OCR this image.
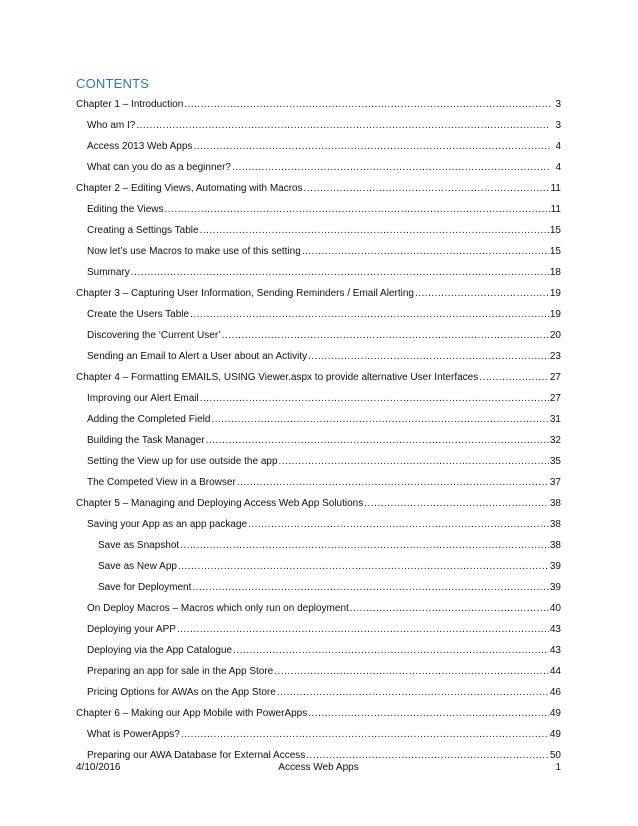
CONTENTS
Chapter 1 – Introduction .....	3
Who am I? .....	3
Access 2013 Web Apps .....	4
What can you do as a beginner? .....	4
Chapter 2 – Editing Views, Automating with Macros .....	11
Editing the Views .....	11
Creating a Settings Table .....	15
Now let’s use Macros to make use of this setting .....	15
Summary .....	18
Chapter 3 – Capturing User Information, Sending Reminders / Email Alerting .....	19
Create the Users Table .....	19
Discovering the ‘Current User’ .....	20
Sending an Email to Alert a User about an Activity .....	23
Chapter 4 – Formatting EMAILS, USING Viewer.aspx to provide alternative User Interfaces .....	27
Improving our Alert Email .....	27
Adding the Completed Field .....	31
Building the Task Manager .....	32
Setting the View up for use outside the app .....	35
The Competed View in a Browser .....	37
Chapter 5 – Managing and Deploying Access Web App Solutions .....	38
Saving your App as an app package .....	38
Save as Snapshot .....	38
Save as New App .....	39
Save for Deployment .....	39
On Deploy Macros – Macros which only run on deployment .....	40
Deploying your APP .....	43
Deploying via the App Catalogue .....	43
Preparing an app for sale in the App Store .....	44
Pricing Options for AWAs on the App Store .....	46
Chapter 6 – Making our App Mobile with PowerApps .....	49
What is PowerApps? .....	49
Preparing our AWA Database for External Access .....	50
4/10/2016	Access Web Apps	1
